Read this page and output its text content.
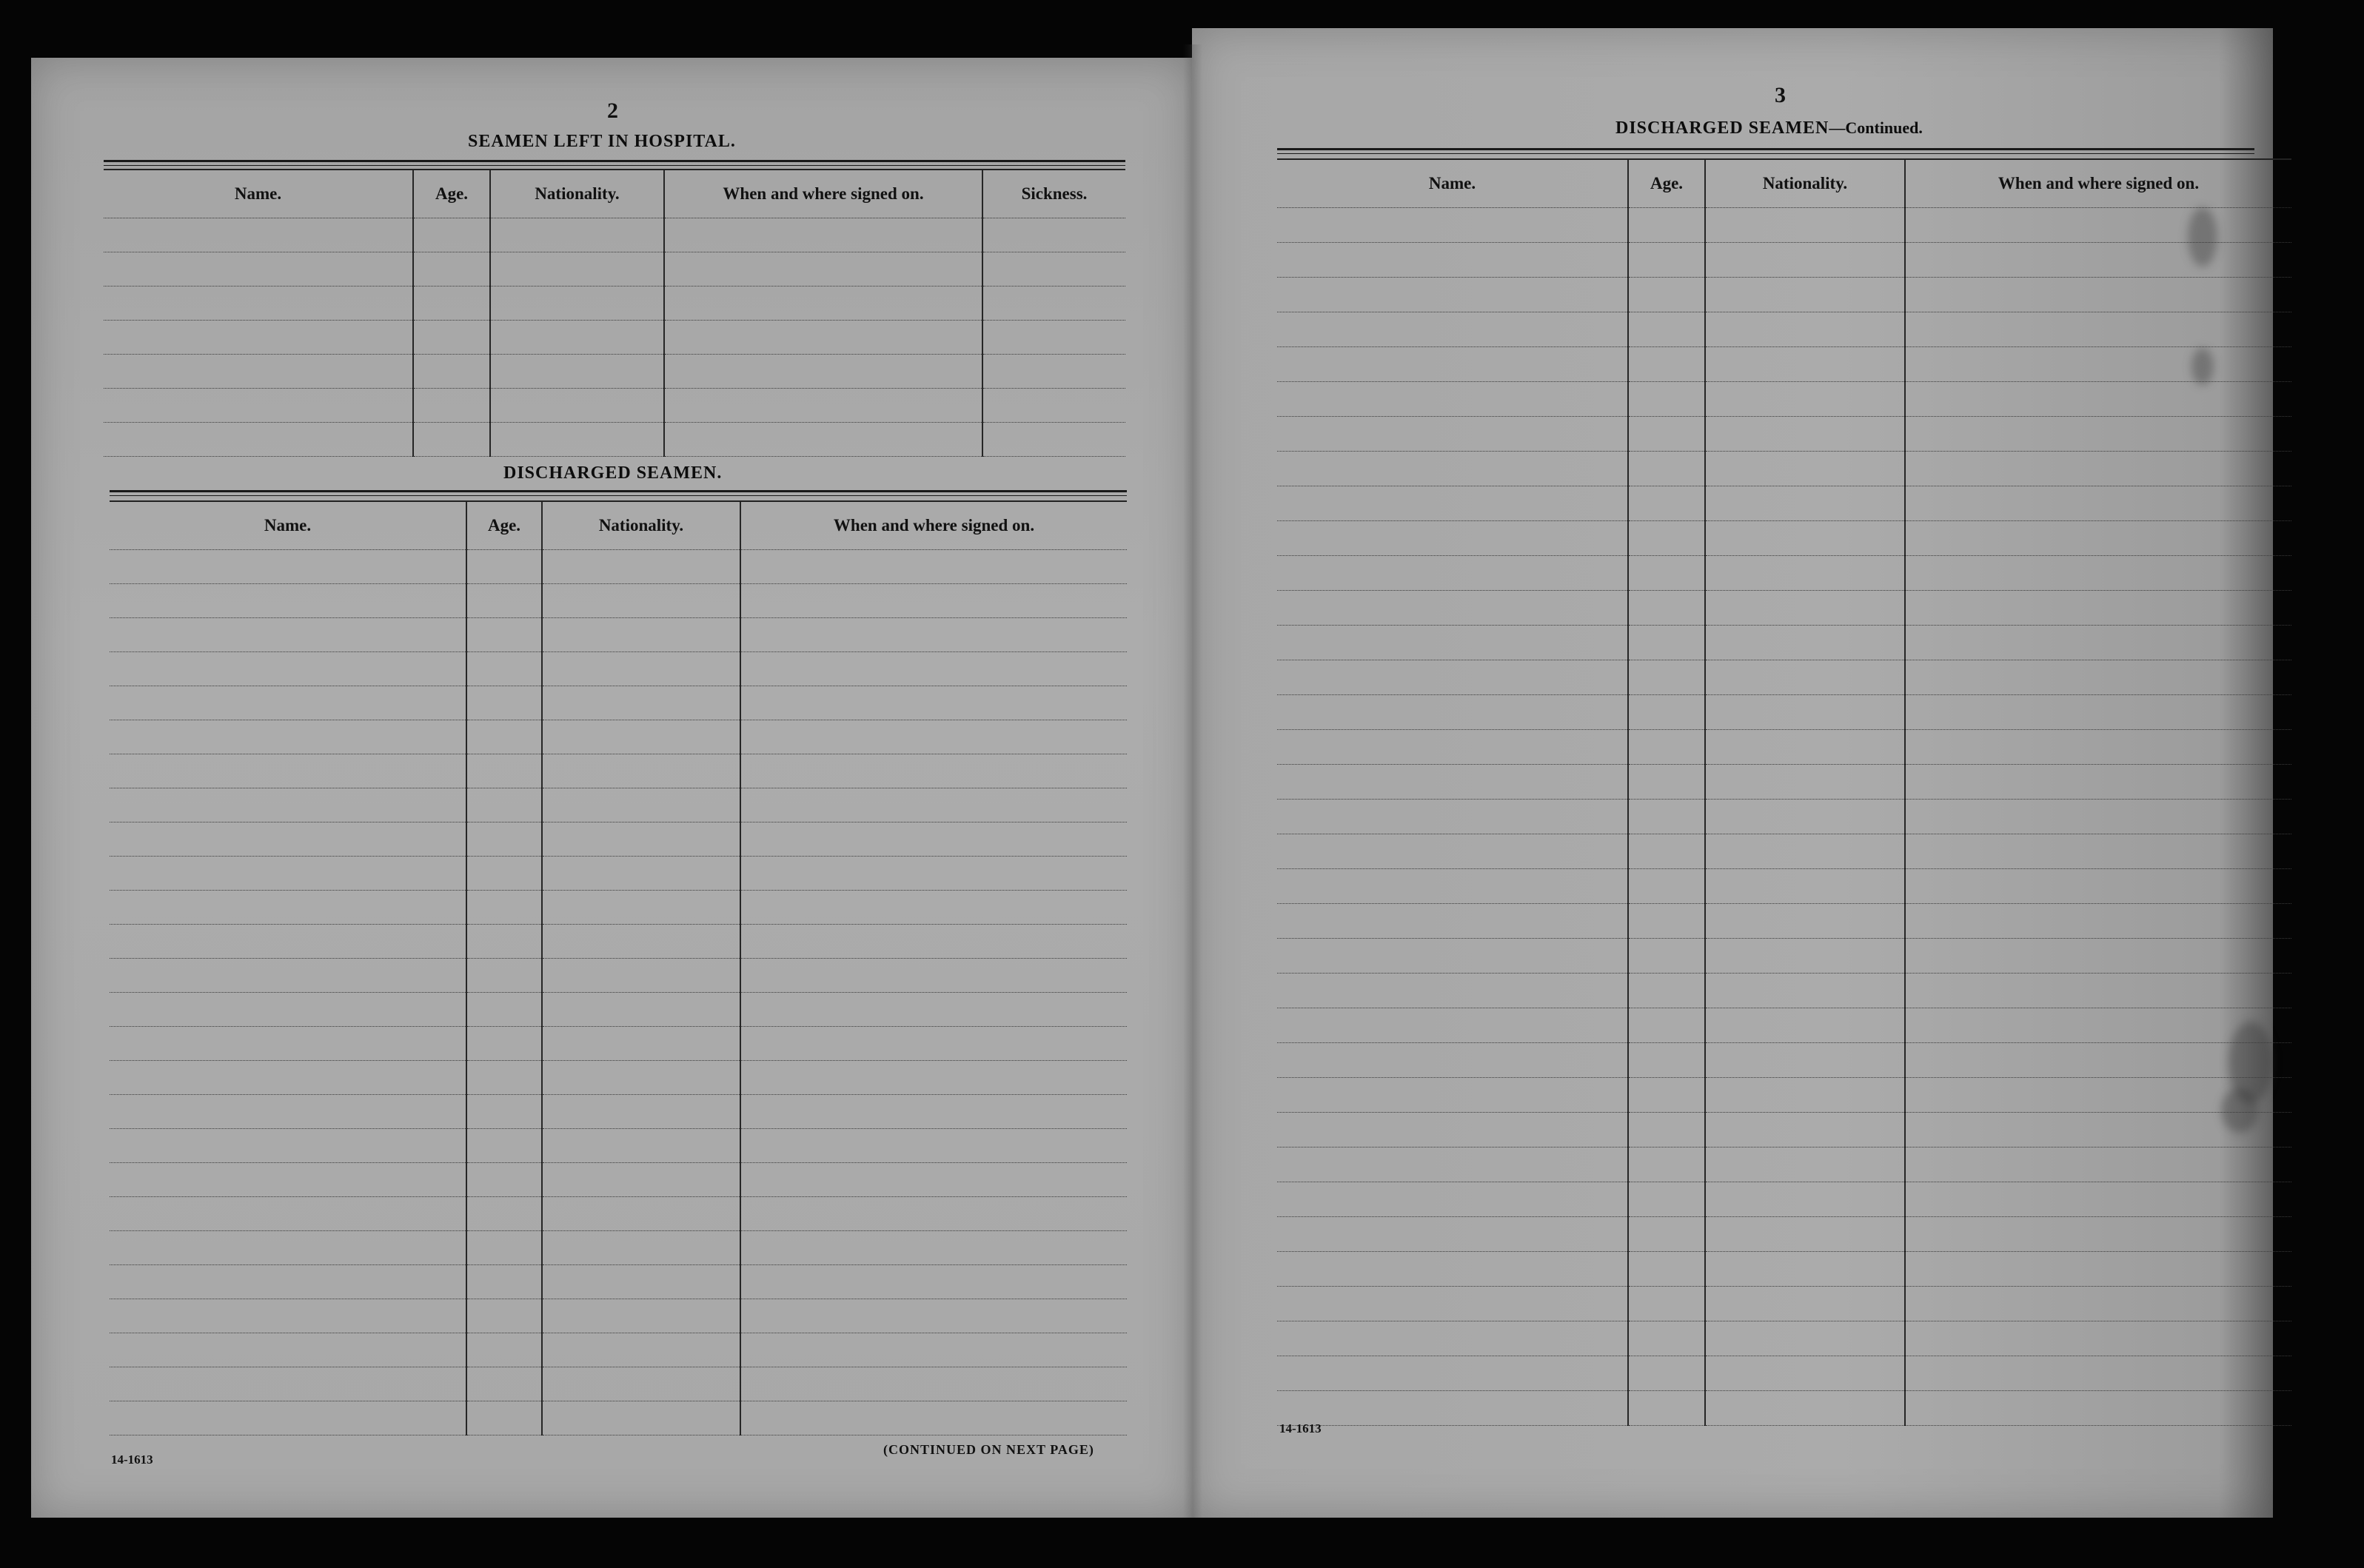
2
SEAMEN LEFT IN HOSPITAL.
Name.	Age.	Nationality.	When and where signed on.	Sickness.

DISCHARGED SEAMEN.
Name.	Age.	Nationality.	When and where signed on.

14-1613
(CONTINUED ON NEXT PAGE)
3
DISCHARGED SEAMEN—Continued.
Name.	Age.	Nationality.	When and where signed on.

14-1613
